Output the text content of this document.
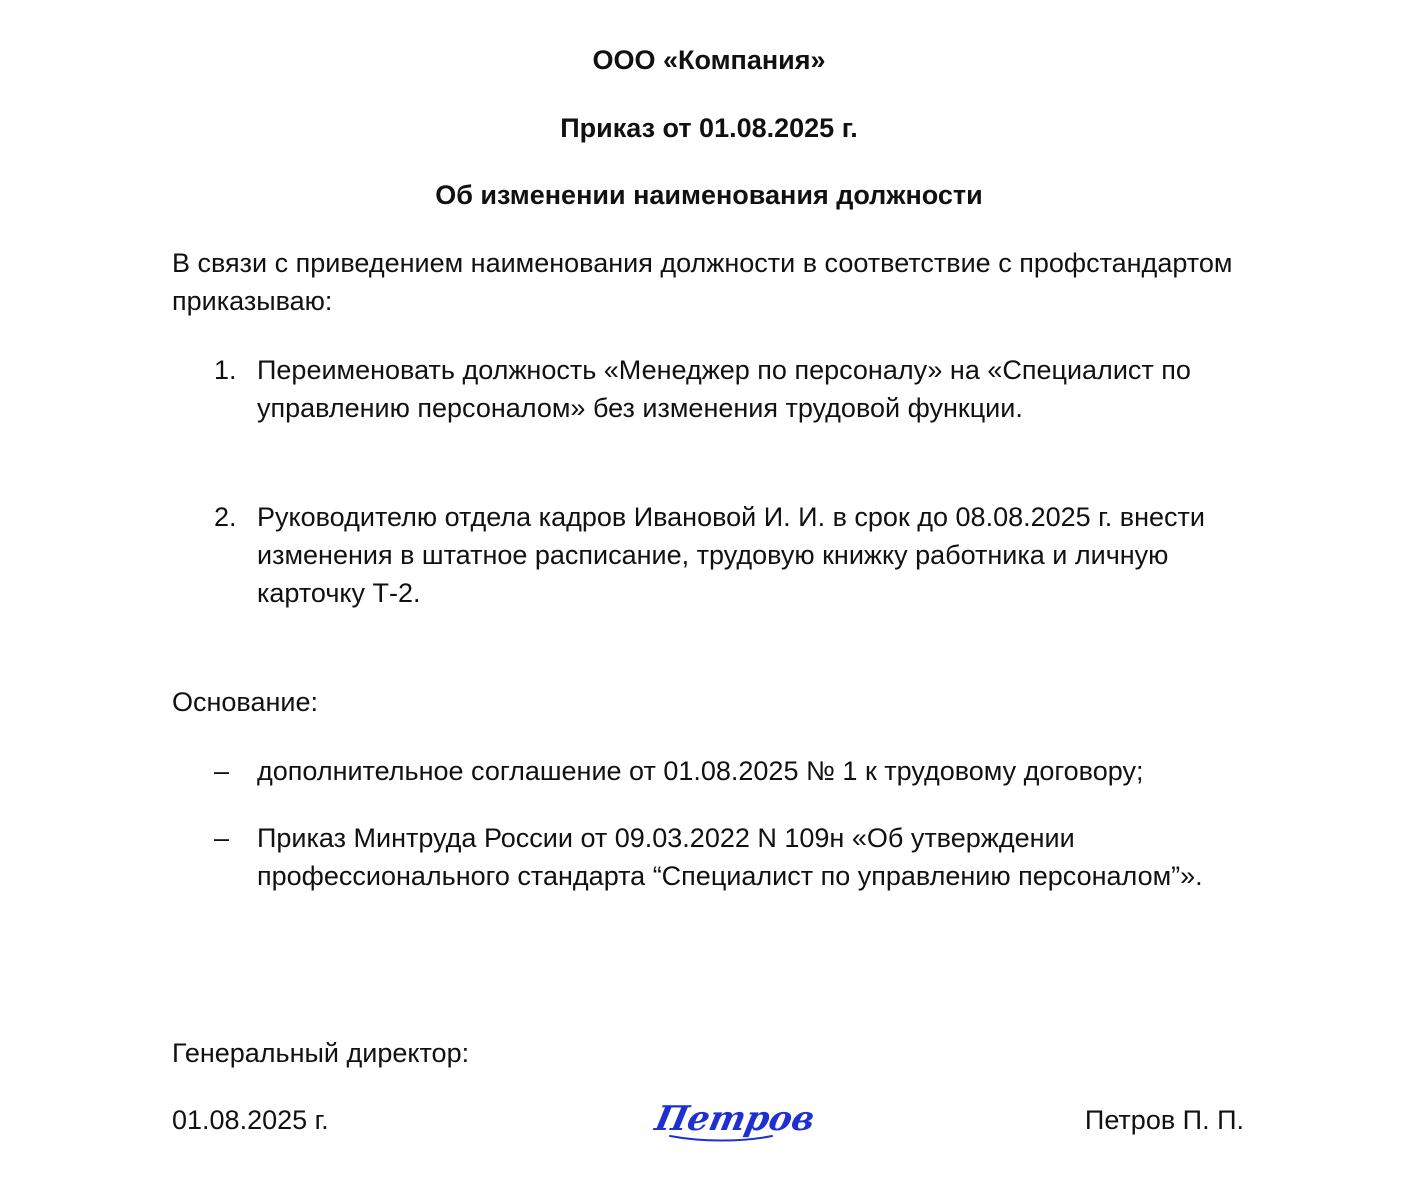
ООО «Компания»
Приказ от 01.08.2025 г.
Об изменении наименования должности
В связи с приведением наименования должности в соответствие с профстандартом приказываю:
1. Переименовать должность «Менеджер по персоналу» на «Специалист по управлению персоналом» без изменения трудовой функции.
2. Руководителю отдела кадров Ивановой И. И. в срок до 08.08.2025 г. внести изменения в штатное расписание, трудовую книжку работника и личную карточку Т-2.
Основание:
– дополнительное соглашение от 01.08.2025 № 1 к трудовому договору;
– Приказ Минтруда России от 09.03.2022 N 109н «Об утверждении профессионального стандарта “Специалист по управлению персоналом”».
Генеральный директор:
01.08.2025 г.	Петров	Петров П. П.
